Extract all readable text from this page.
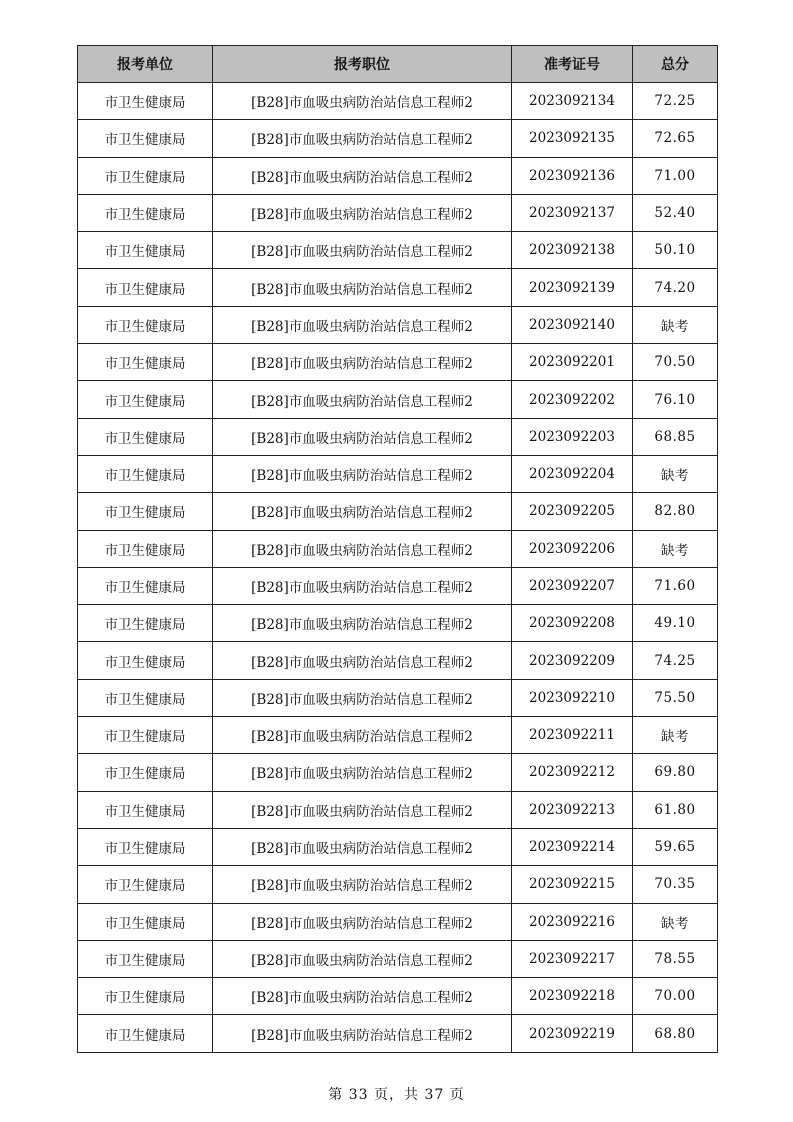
报考单位	报考职位	准考证号	总分
市卫生健康局	[B28]市血吸虫病防治站信息工程师2	2023092134	72.25
市卫生健康局	[B28]市血吸虫病防治站信息工程师2	2023092135	72.65
市卫生健康局	[B28]市血吸虫病防治站信息工程师2	2023092136	71.00
市卫生健康局	[B28]市血吸虫病防治站信息工程师2	2023092137	52.40
市卫生健康局	[B28]市血吸虫病防治站信息工程师2	2023092138	50.10
市卫生健康局	[B28]市血吸虫病防治站信息工程师2	2023092139	74.20
市卫生健康局	[B28]市血吸虫病防治站信息工程师2	2023092140	缺考
市卫生健康局	[B28]市血吸虫病防治站信息工程师2	2023092201	70.50
市卫生健康局	[B28]市血吸虫病防治站信息工程师2	2023092202	76.10
市卫生健康局	[B28]市血吸虫病防治站信息工程师2	2023092203	68.85
市卫生健康局	[B28]市血吸虫病防治站信息工程师2	2023092204	缺考
市卫生健康局	[B28]市血吸虫病防治站信息工程师2	2023092205	82.80
市卫生健康局	[B28]市血吸虫病防治站信息工程师2	2023092206	缺考
市卫生健康局	[B28]市血吸虫病防治站信息工程师2	2023092207	71.60
市卫生健康局	[B28]市血吸虫病防治站信息工程师2	2023092208	49.10
市卫生健康局	[B28]市血吸虫病防治站信息工程师2	2023092209	74.25
市卫生健康局	[B28]市血吸虫病防治站信息工程师2	2023092210	75.50
市卫生健康局	[B28]市血吸虫病防治站信息工程师2	2023092211	缺考
市卫生健康局	[B28]市血吸虫病防治站信息工程师2	2023092212	69.80
市卫生健康局	[B28]市血吸虫病防治站信息工程师2	2023092213	61.80
市卫生健康局	[B28]市血吸虫病防治站信息工程师2	2023092214	59.65
市卫生健康局	[B28]市血吸虫病防治站信息工程师2	2023092215	70.35
市卫生健康局	[B28]市血吸虫病防治站信息工程师2	2023092216	缺考
市卫生健康局	[B28]市血吸虫病防治站信息工程师2	2023092217	78.55
市卫生健康局	[B28]市血吸虫病防治站信息工程师2	2023092218	70.00
市卫生健康局	[B28]市血吸虫病防治站信息工程师2	2023092219	68.80
第 33 页，共 37 页
